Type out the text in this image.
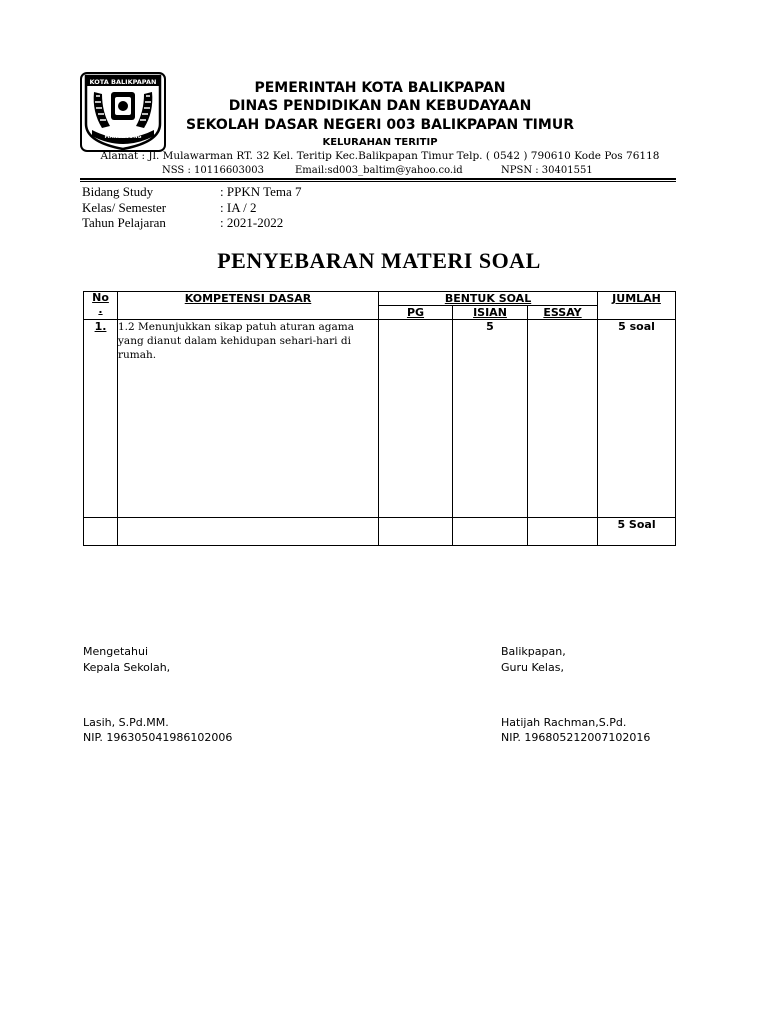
KOTA BALIKPAPAN
MANUNTUNG
PEMERINTAH KOTA BALIKPAPAN
DINAS PENDIDIKAN DAN KEBUDAYAAN
SEKOLAH DASAR NEGERI 003 BALIKPAPAN TIMUR
KELURAHAN TERITIP
Alamat : Jl. Mulawarman RT. 32 Kel. Teritip Kec.Balikpapan Timur Telp. ( 0542 ) 790610 Kode Pos 76118
NSS : 10116603003	Email:sd003_baltim@yahoo.co.id	NPSN : 30401551
Bidang Study	: PPKN Tema 7
Kelas/ Semester	: IA / 2
Tahun Pelajaran	: 2021-2022
PENYEBARAN MATERI SOAL
No
.	KOMPETENSI DASAR	BENTUK SOAL			JUMLAH
		PG	ISIAN	ESSAY	
1.	1.2 Menunjukkan sikap patuh aturan agama yang dianut dalam kehidupan sehari-hari di rumah.		5		5 soal
					5 Soal
Mengetahui
Kepala Sekolah,
Lasih, S.Pd.MM.
NIP. 196305041986102006
Balikpapan,
Guru Kelas,
Hatijah Rachman,S.Pd.
NIP. 196805212007102016
